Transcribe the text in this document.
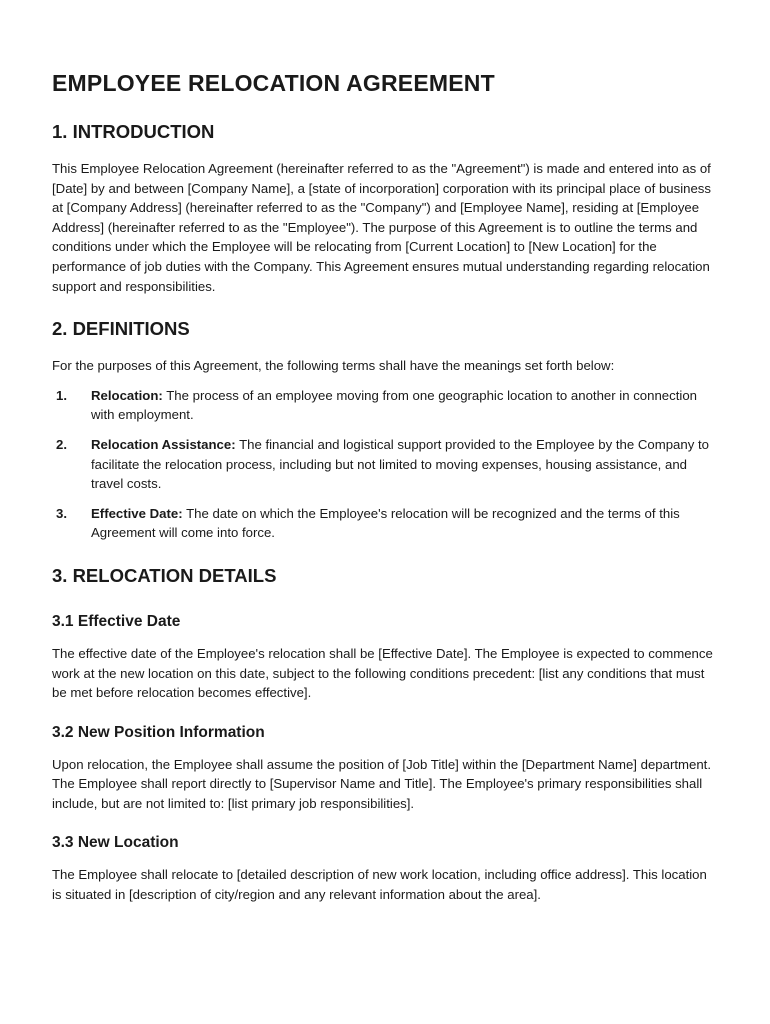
EMPLOYEE RELOCATION AGREEMENT
1. INTRODUCTION

This Employee Relocation Agreement (hereinafter referred to as the "Agreement") is made and entered into as of [Date] by and between [Company Name], a [state of incorporation] corporation with its principal place of business at [Company Address] (hereinafter referred to as the "Company") and [Employee Name], residing at [Employee Address] (hereinafter referred to as the "Employee"). The purpose of this Agreement is to outline the terms and conditions under which the Employee will be relocating from [Current Location] to [New Location] for the performance of job duties with the Company. This Agreement ensures mutual understanding regarding relocation support and responsibilities.

2. DEFINITIONS

For the purposes of this Agreement, the following terms shall have the meanings set forth below:

1. Relocation: The process of an employee moving from one geographic location to another in connection with employment.
2. Relocation Assistance: The financial and logistical support provided to the Employee by the Company to facilitate the relocation process, including but not limited to moving expenses, housing assistance, and travel costs.
3. Effective Date: The date on which the Employee's relocation will be recognized and the terms of this Agreement will come into force.
3. RELOCATION DETAILS
3.1 Effective Date

The effective date of the Employee's relocation shall be [Effective Date]. The Employee is expected to commence work at the new location on this date, subject to the following conditions precedent: [list any conditions that must be met before relocation becomes effective].

3.2 New Position Information

Upon relocation, the Employee shall assume the position of [Job Title] within the [Department Name] department. The Employee shall report directly to [Supervisor Name and Title]. The Employee's primary responsibilities shall include, but are not limited to: [list primary job responsibilities].

3.3 New Location

The Employee shall relocate to [detailed description of new work location, including office address]. This location is situated in [description of city/region and any relevant information about the area].
